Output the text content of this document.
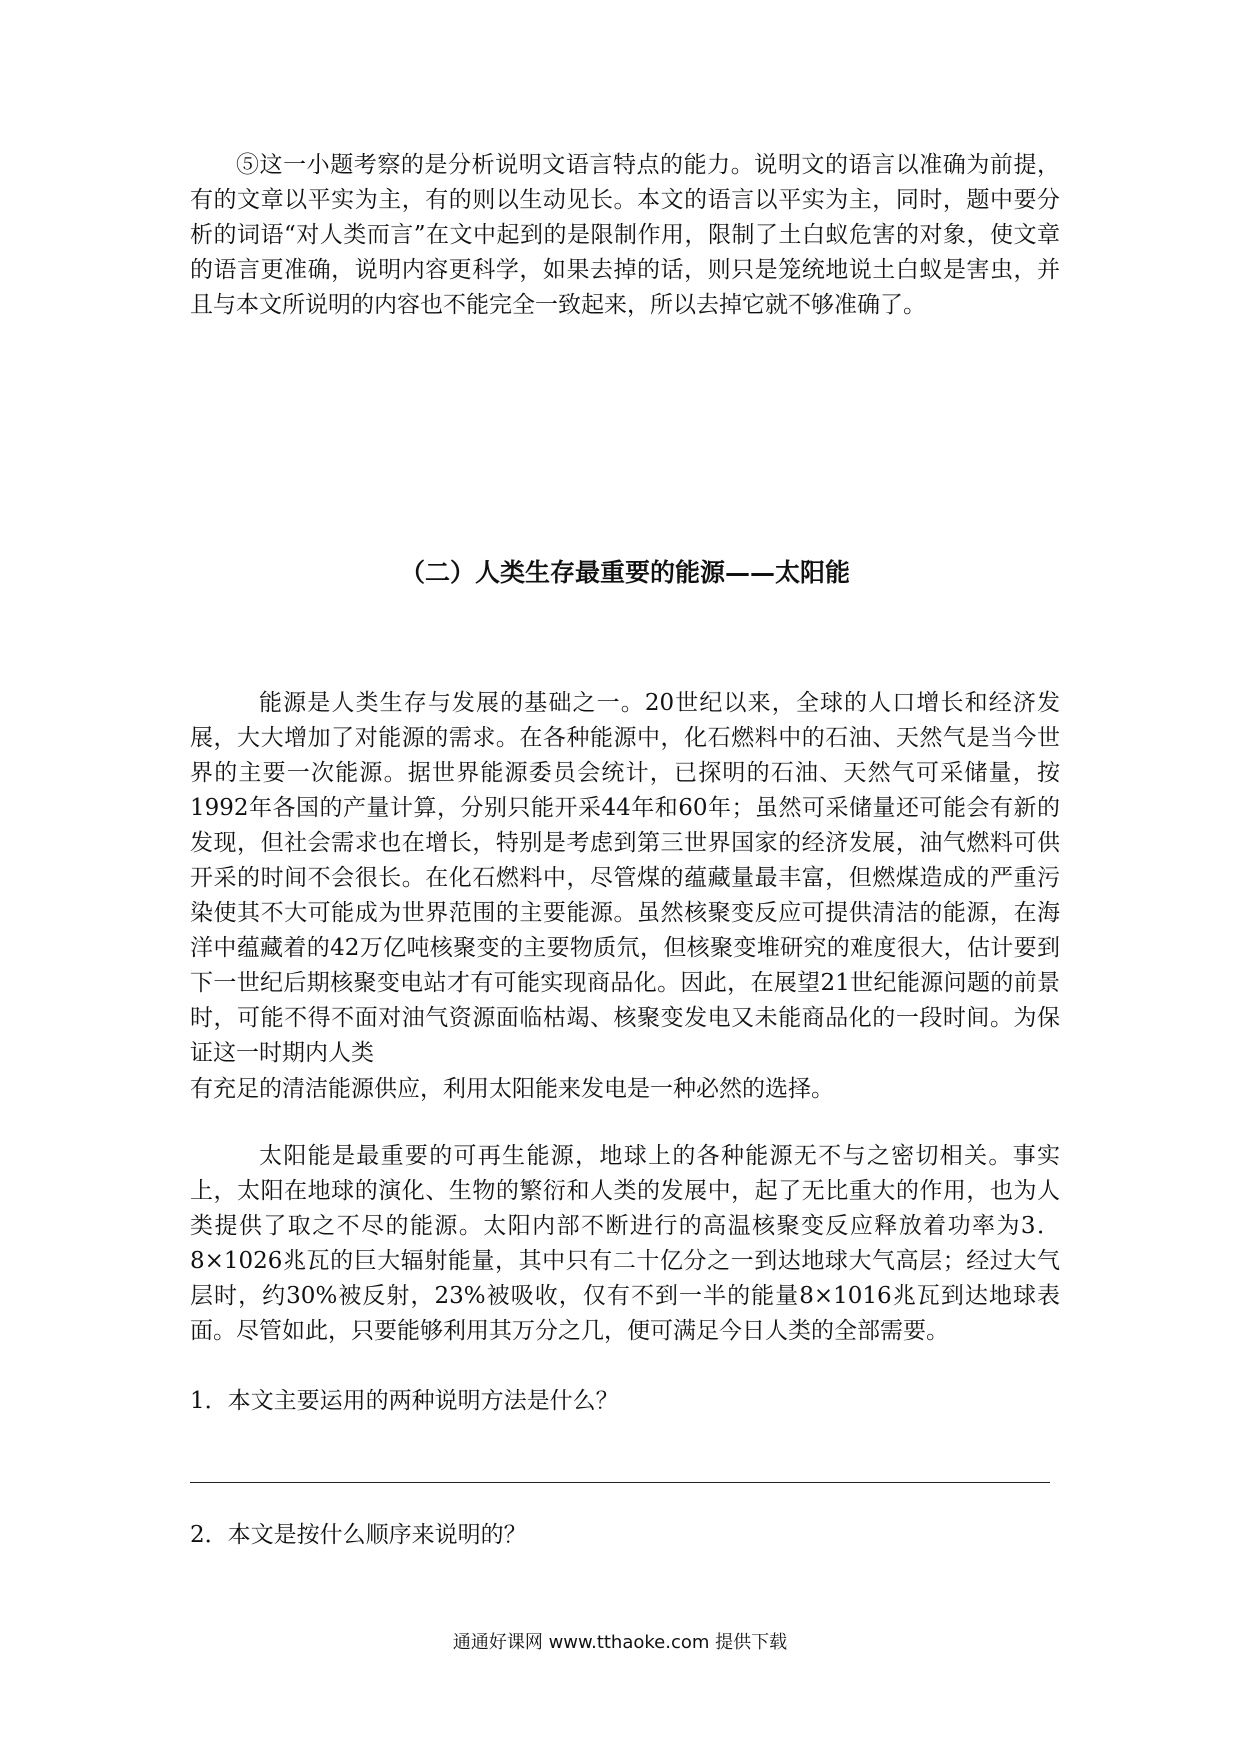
⑤这一小题考察的是分析说明文语言特点的能力。说明文的语言以准确为前提，有的文章以平实为主，有的则以生动见长。本文的语言以平实为主，同时，题中要分析的词语“对人类而言”在文中起到的是限制作用，限制了土白蚁危害的对象，使文章的语言更准确，说明内容更科学，如果去掉的话，则只是笼统地说土白蚁是害虫，并且与本文所说明的内容也不能完全一致起来，所以去掉它就不够准确了。

（二）人类生存最重要的能源——太阳能

能源是人类生存与发展的基础之一。20世纪以来，全球的人口增长和经济发展，大大增加了对能源的需求。在各种能源中，化石燃料中的石油、天然气是当今世界的主要一次能源。据世界能源委员会统计，已探明的石油、天然气可采储量，按1992年各国的产量计算，分别只能开采44年和60年；虽然可采储量还可能会有新的发现，但社会需求也在增长，特别是考虑到第三世界国家的经济发展，油气燃料可供开采的时间不会很长。在化石燃料中，尽管煤的蕴藏量最丰富，但燃煤造成的严重污染使其不大可能成为世界范围的主要能源。虽然核聚变反应可提供清洁的能源，在海洋中蕴藏着的42万亿吨核聚变的主要物质氘，但核聚变堆研究的难度很大，估计要到下一世纪后期核聚变电站才有可能实现商品化。因此，在展望21世纪能源问题的前景时，可能不得不面对油气资源面临枯竭、核聚变发电又未能商品化的一段时间。为保证这一时期内人类

有充足的清洁能源供应，利用太阳能来发电是一种必然的选择。

太阳能是最重要的可再生能源，地球上的各种能源无不与之密切相关。事实上，太阳在地球的演化、生物的繁衍和人类的发展中，起了无比重大的作用，也为人类提供了取之不尽的能源。太阳内部不断进行的高温核聚变反应释放着功率为3．8×1026兆瓦的巨大辐射能量，其中只有二十亿分之一到达地球大气高层；经过大气层时，约30%被反射，23%被吸收，仅有不到一半的能量8×1016兆瓦到达地球表面。尽管如此，只要能够利用其万分之几，便可满足今日人类的全部需要。

1．本文主要运用的两种说明方法是什么？

2．本文是按什么顺序来说明的？

通通好课网 www.tthaoke.com 提供下载
